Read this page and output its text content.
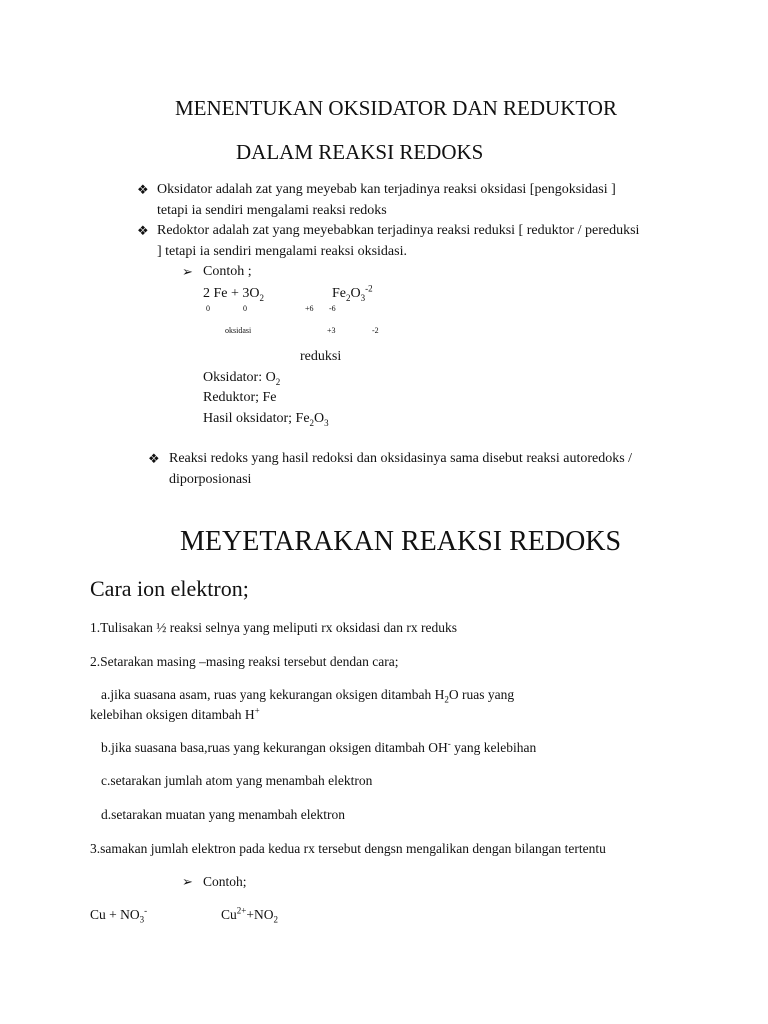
MENENTUKAN OKSIDATOR DAN REDUKTOR
DALAM REAKSI REDOKS
❖ Oksidator adalah zat yang meyebab kan terjadinya reaksi oksidasi [pengoksidasi ]
tetapi ia sendiri mengalami reaksi redoks
❖ Redoktor adalah zat yang meyebabkan terjadinya reaksi reduksi [ reduktor / pereduksi
] tetapi ia sendiri mengalami reaksi oksidasi.
➢ Contoh ;
2 $Fe + 3O_2$	$Fe_2O_3^{-2}$
0	0	+6 -6
oksidasi	+3	-2
reduksi
Oksidator: $O_2$
Reduktor; Fe
Hasil oksidator; $Fe_2O_3$
❖ Reaksi redoks yang hasil redoksi dan oksidasinya sama disebut reaksi autoredoks /
diporposionasi
MEYETARAKAN REAKSI REDOKS
Cara ion elektron;
1.Tulisakan ½ reaksi selnya yang meliputi rx oksidasi dan rx reduks
2.Setarakan masing –masing reaksi tersebut dendan cara;
a.jika suasana asam, ruas yang kekurangan oksigen ditambah $H_2O$ ruas yang
kelebihan oksigen ditambah H+
b.jika suasana basa,ruas yang kekurangan oksigen ditambah OH- yang kelebihan
c.setarakan jumlah atom yang menambah elektron
d.setarakan muatan yang menambah elektron
3.samakan jumlah elektron pada kedua rx tersebut dengsn mengalikan dengan bilangan tertentu
➢ Contoh;
$Cu + NO_3^-$	$Cu^{2+}+NO_2$
